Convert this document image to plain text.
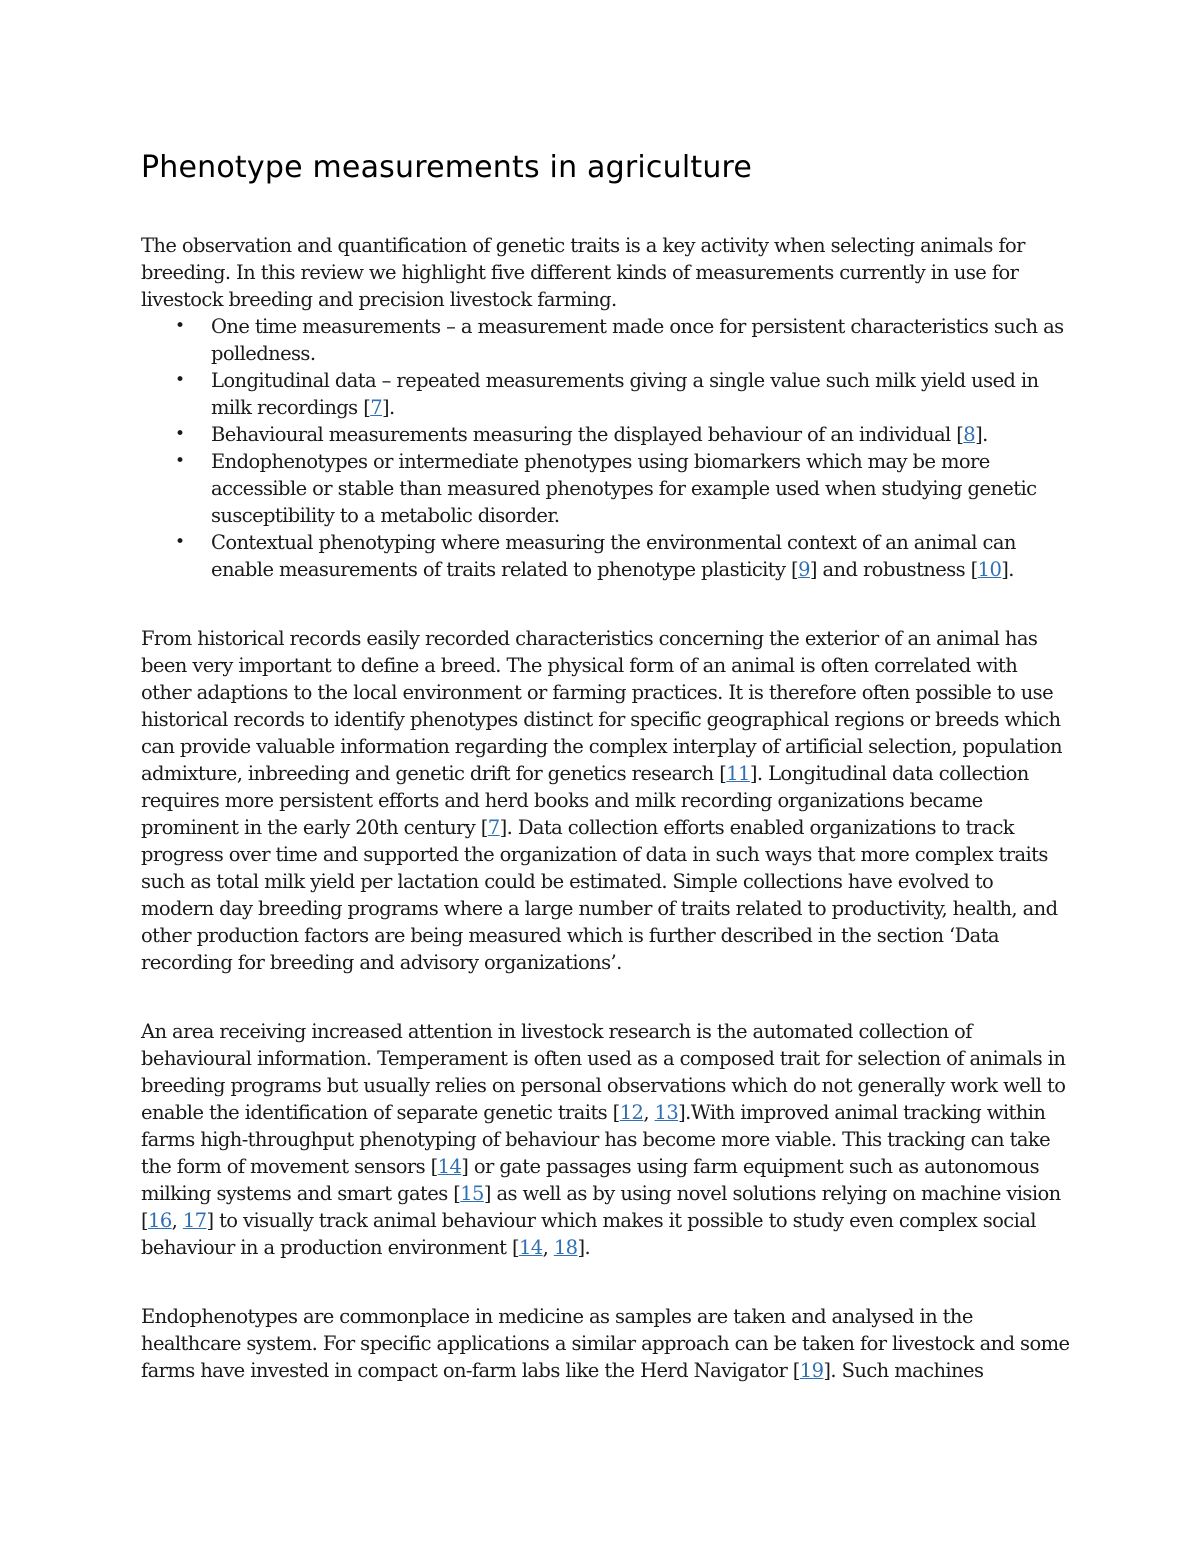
Phenotype measurements in agriculture

The observation and quantification of genetic traits is a key activity when selecting animals for breeding. In this review we highlight five different kinds of measurements currently in use for livestock breeding and precision livestock farming.

• One time measurements – a measurement made once for persistent characteristics such as polledness.
• Longitudinal data – repeated measurements giving a single value such milk yield used in milk recordings [7].
• Behavioural measurements measuring the displayed behaviour of an individual [8].
• Endophenotypes or intermediate phenotypes using biomarkers which may be more accessible or stable than measured phenotypes for example used when studying genetic susceptibility to a metabolic disorder.
• Contextual phenotyping where measuring the environmental context of an animal can enable measurements of traits related to phenotype plasticity [9] and robustness [10].

From historical records easily recorded characteristics concerning the exterior of an animal has been very important to define a breed. The physical form of an animal is often correlated with other adaptions to the local environment or farming practices. It is therefore often possible to use historical records to identify phenotypes distinct for specific geographical regions or breeds which can provide valuable information regarding the complex interplay of artificial selection, population admixture, inbreeding and genetic drift for genetics research [11]. Longitudinal data collection requires more persistent efforts and herd books and milk recording organizations became prominent in the early 20th century [7]. Data collection efforts enabled organizations to track progress over time and supported the organization of data in such ways that more complex traits such as total milk yield per lactation could be estimated. Simple collections have evolved to modern day breeding programs where a large number of traits related to productivity, health, and other production factors are being measured which is further described in the section ‘Data recording for breeding and advisory organizations’.

An area receiving increased attention in livestock research is the automated collection of behavioural information. Temperament is often used as a composed trait for selection of animals in breeding programs but usually relies on personal observations which do not generally work well to enable the identification of separate genetic traits [12, 13].With improved animal tracking within farms high-throughput phenotyping of behaviour has become more viable. This tracking can take the form of movement sensors [14] or gate passages using farm equipment such as autonomous milking systems and smart gates [15] as well as by using novel solutions relying on machine vision [16, 17] to visually track animal behaviour which makes it possible to study even complex social behaviour in a production environment [14, 18].

Endophenotypes are commonplace in medicine as samples are taken and analysed in the healthcare system. For specific applications a similar approach can be taken for livestock and some farms have invested in compact on-farm labs like the Herd Navigator [19]. Such machines
